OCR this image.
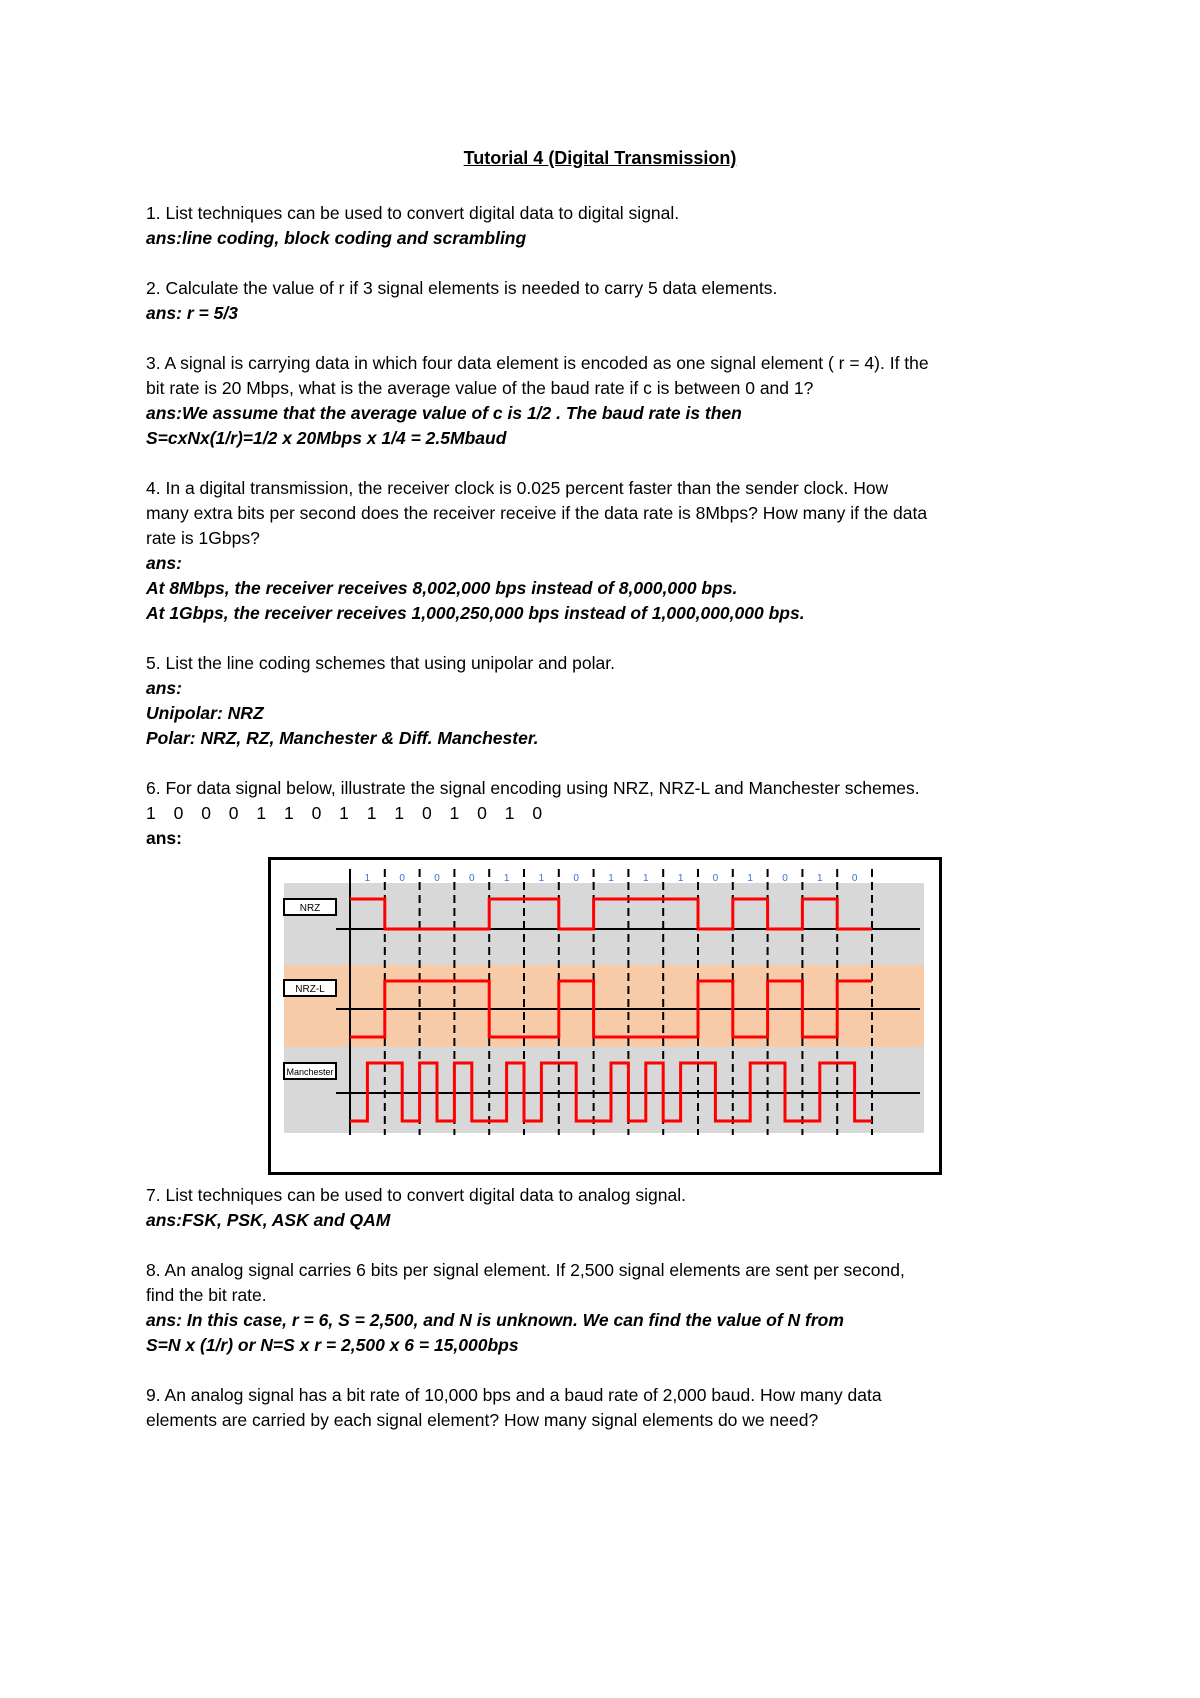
Tutorial 4 (Digital Transmission)

1. List techniques can be used to convert digital data to digital signal.

ans:line coding, block coding and scrambling

2. Calculate the value of r if 3 signal elements is needed to carry 5 data elements.

ans: r = 5/3

3. A signal is carrying data in which four data element is encoded as one signal element ( r = 4). If the

bit rate is 20 Mbps, what is the average value of the baud rate if c is between 0 and 1?

ans:We assume that the average value of c is 1/2 . The baud rate is then

S=cxNx(1/r)=1/2 x 20Mbps x 1/4 = 2.5Mbaud

4. In a digital transmission, the receiver clock is 0.025 percent faster than the sender clock. How

many extra bits per second does the receiver receive if the data rate is 8Mbps? How many if the data

rate is 1Gbps?

ans:

At 8Mbps, the receiver receives 8,002,000 bps instead of 8,000,000 bps.

At 1Gbps, the receiver receives 1,000,250,000 bps instead of 1,000,000,000 bps.

5. List the line coding schemes that using unipolar and polar.

ans:

Unipolar: NRZ

Polar: NRZ, RZ, Manchester & Diff. Manchester.

6. For data signal below, illustrate the signal encoding using NRZ, NRZ-L and Manchester schemes.

1 0 0 0 1 1 0 1 1 1 0 1 0 1 0

ans:

1	0	0	0	1	1	0	1	1	1	0	1	0	1	0
NRZ
NRZ-L
Manchester

7. List techniques can be used to convert digital data to analog signal.

ans:FSK, PSK, ASK and QAM

8. An analog signal carries 6 bits per signal element. If 2,500 signal elements are sent per second,

find the bit rate.

ans: In this case, r = 6, S = 2,500, and N is unknown. We can find the value of N from

S=N x (1/r) or N=S x r = 2,500 x 6 = 15,000bps

9. An analog signal has a bit rate of 10,000 bps and a baud rate of 2,000 baud. How many data

elements are carried by each signal element? How many signal elements do we need?
